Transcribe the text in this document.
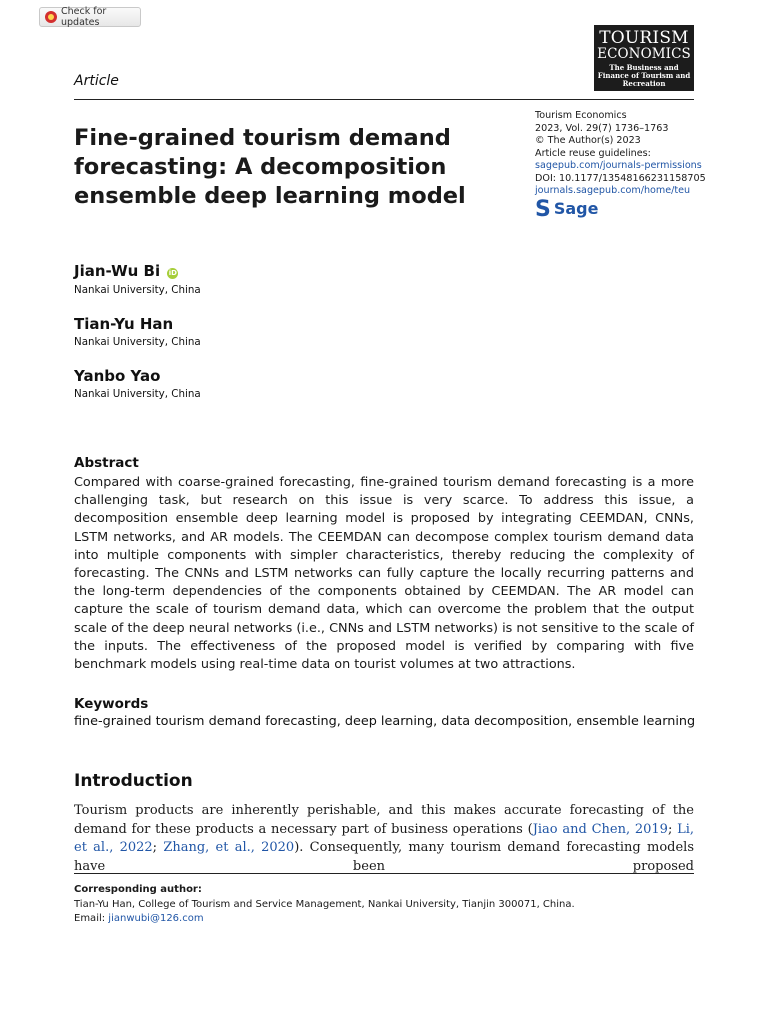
Check for updates
TOURISM
ECONOMICS
The Business and Finance of Tourism and Recreation
Article
Fine-grained tourism demand forecasting: A decomposition ensemble deep learning model
Tourism Economics
2023, Vol. 29(7) 1736–1763
© The Author(s) 2023
Article reuse guidelines:
sagepub.com/journals-permissions
DOI: 10.1177/13548166231158705
journals.sagepub.com/home/teu
S Sage
Jian-Wu Bi iD
Nankai University, China
Tian-Yu Han
Nankai University, China
Yanbo Yao
Nankai University, China
Abstract

Compared with coarse-grained forecasting, fine-grained tourism demand forecasting is a more challenging task, but research on this issue is very scarce. To address this issue, a decomposition ensemble deep learning model is proposed by integrating CEEMDAN, CNNs, LSTM networks, and AR models. The CEEMDAN can decompose complex tourism demand data into multiple components with simpler characteristics, thereby reducing the complexity of forecasting. The CNNs and LSTM networks can fully capture the locally recurring patterns and the long-term dependencies of the components obtained by CEEMDAN. The AR model can capture the scale of tourism demand data, which can overcome the problem that the output scale of the deep neural networks (i.e., CNNs and LSTM networks) is not sensitive to the scale of the inputs. The effectiveness of the proposed model is verified by comparing with five benchmark models using real-time data on tourist volumes at two attractions.

Keywords

fine-grained tourism demand forecasting, deep learning, data decomposition, ensemble learning

Introduction

Tourism products are inherently perishable, and this makes accurate forecasting of the demand for these products a necessary part of business operations (Jiao and Chen, 2019; Li, et al., 2022; Zhang, et al., 2020). Consequently, many tourism demand forecasting models have been proposed

Corresponding author:
Tian-Yu Han, College of Tourism and Service Management, Nankai University, Tianjin 300071, China.
Email: jianwubi@126.com
